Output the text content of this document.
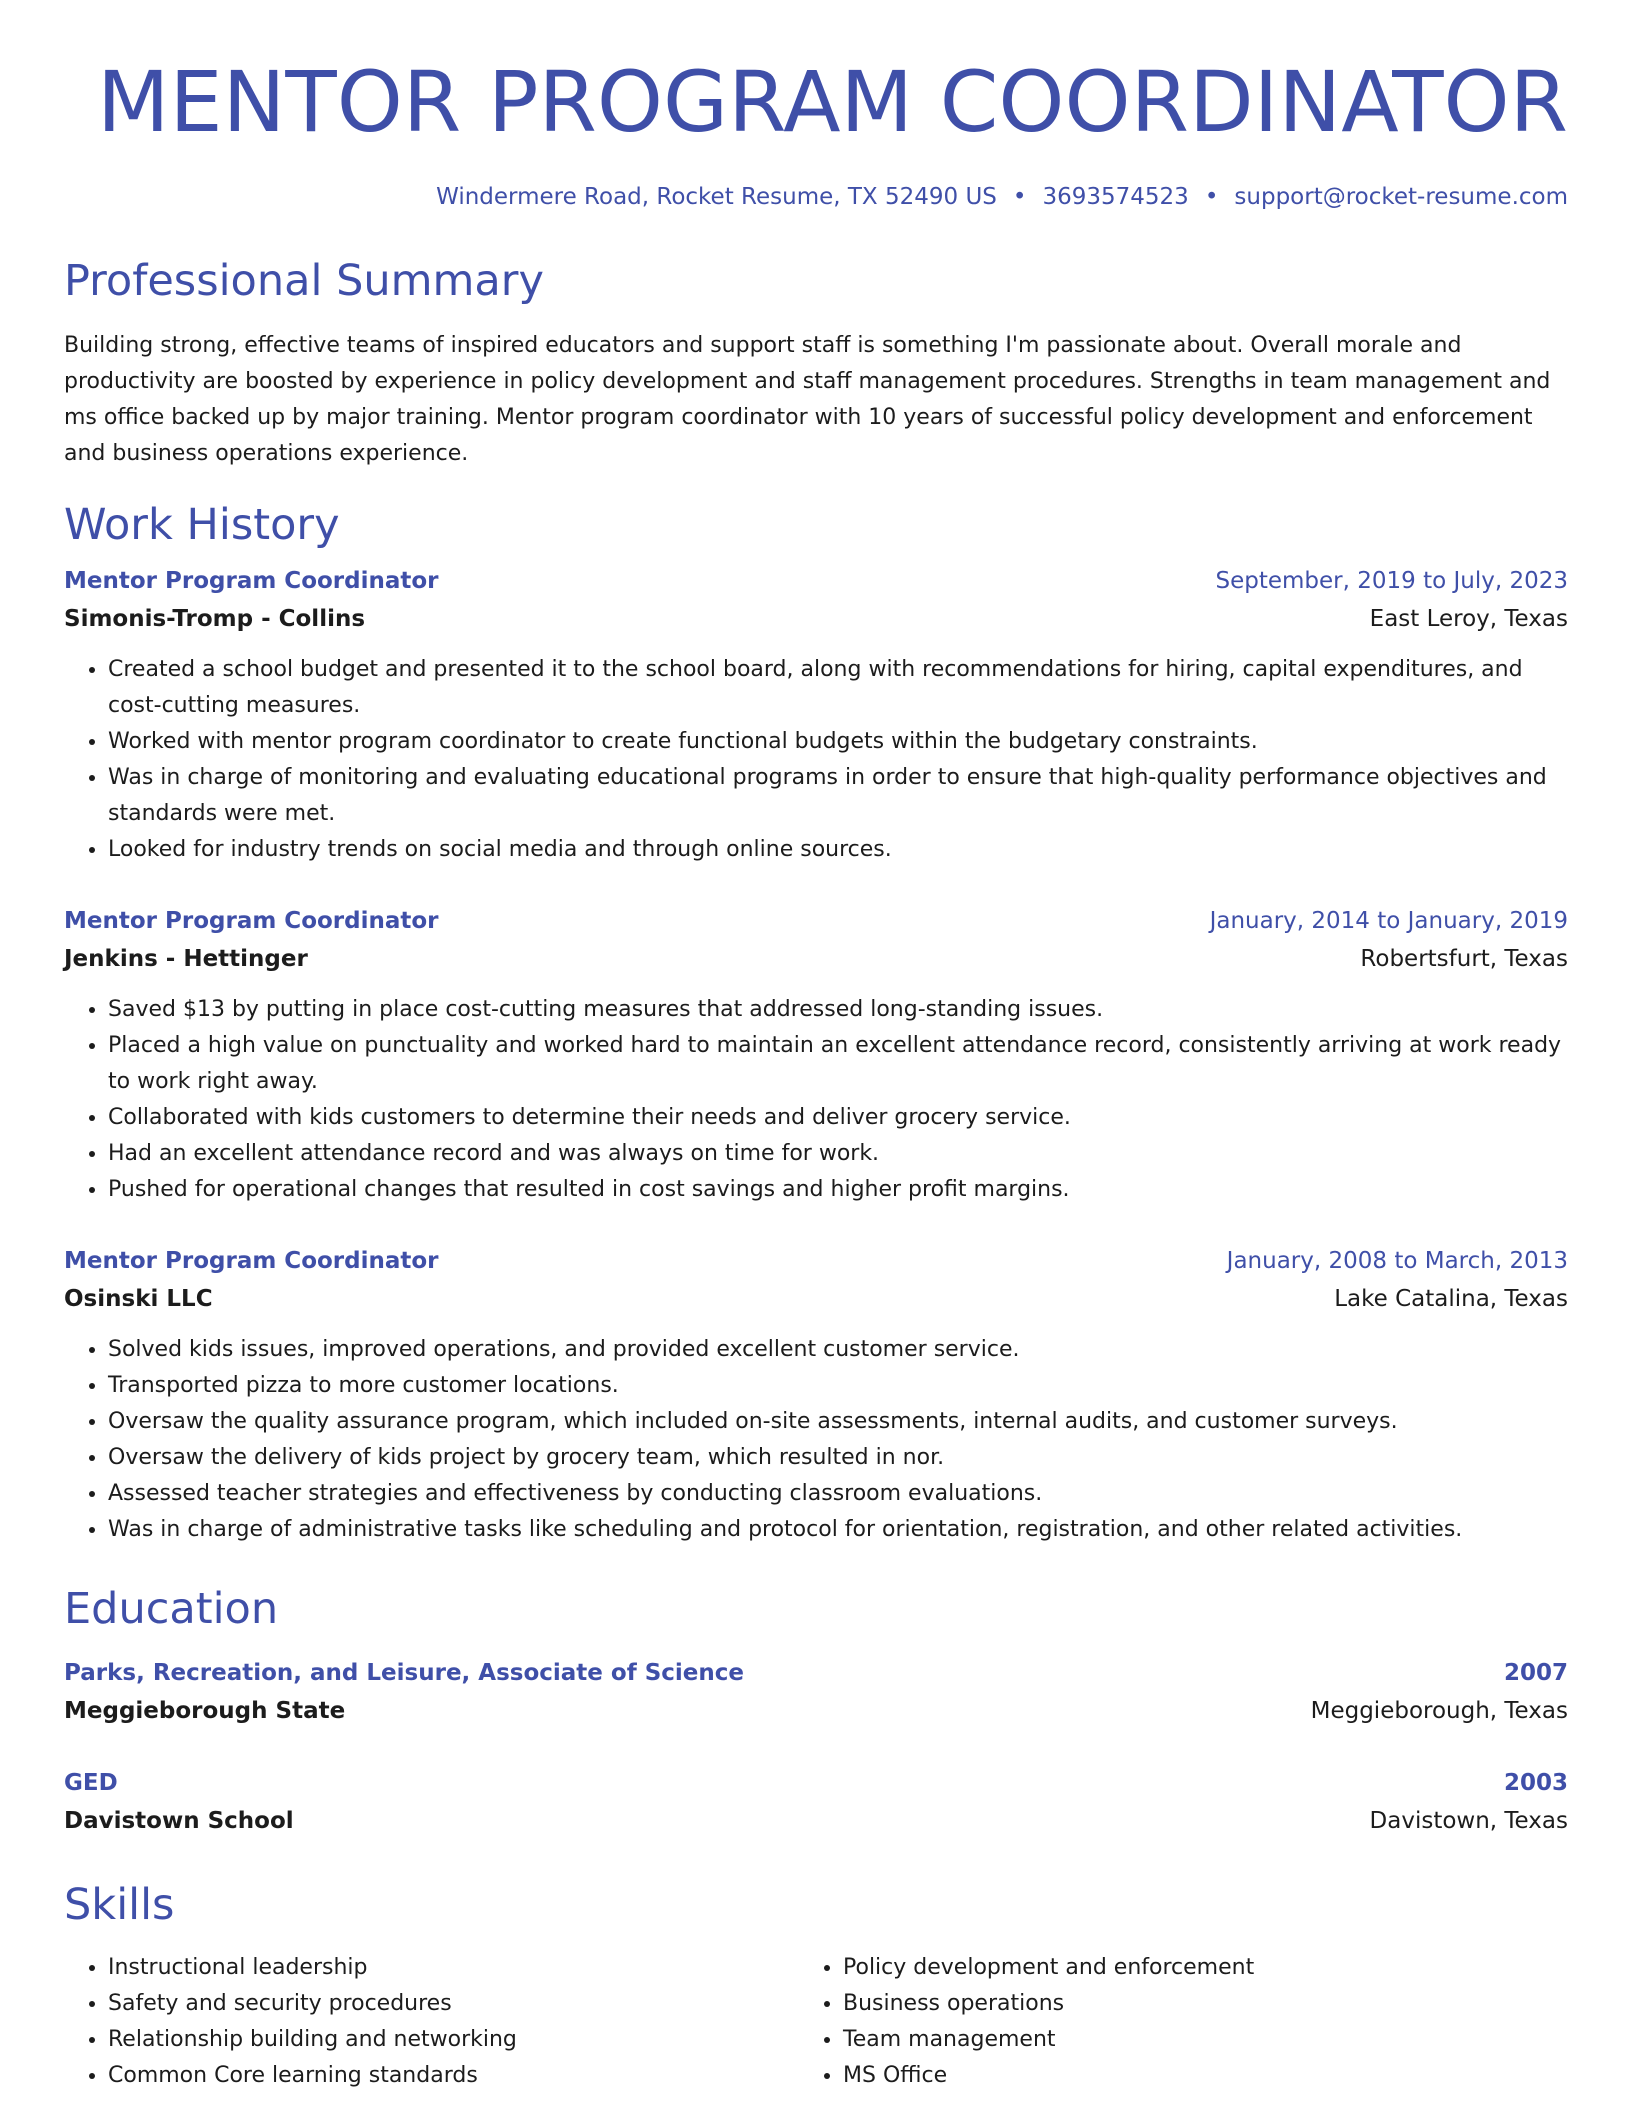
MENTOR PROGRAM COORDINATOR
Windermere Road, Rocket Resume, TX 52490 US • 3693574523 • support@rocket-resume.com
Professional Summary

Building strong, effective teams of inspired educators and support staff is something I'm passionate about. Overall morale and productivity are boosted by experience in policy development and staff management procedures. Strengths in team management and ms office backed up by major training. Mentor program coordinator with 10 years of successful policy development and enforcement and business operations experience.

Work History
Mentor Program Coordinator	September, 2019 to July, 2023
Simonis-Tromp - Collins	East Leroy, Texas
• Created a school budget and presented it to the school board, along with recommendations for hiring, capital expenditures, and cost-cutting measures.
• Worked with mentor program coordinator to create functional budgets within the budgetary constraints.
• Was in charge of monitoring and evaluating educational programs in order to ensure that high-quality performance objectives and standards were met.
• Looked for industry trends on social media and through online sources.
Mentor Program Coordinator	January, 2014 to January, 2019
Jenkins - Hettinger	Robertsfurt, Texas
• Saved $13 by putting in place cost-cutting measures that addressed long-standing issues.
• Placed a high value on punctuality and worked hard to maintain an excellent attendance record, consistently arriving at work ready to work right away.
• Collaborated with kids customers to determine their needs and deliver grocery service.
• Had an excellent attendance record and was always on time for work.
• Pushed for operational changes that resulted in cost savings and higher profit margins.
Mentor Program Coordinator	January, 2008 to March, 2013
Osinski LLC	Lake Catalina, Texas
• Solved kids issues, improved operations, and provided excellent customer service.
• Transported pizza to more customer locations.
• Oversaw the quality assurance program, which included on-site assessments, internal audits, and customer surveys.
• Oversaw the delivery of kids project by grocery team, which resulted in nor.
• Assessed teacher strategies and effectiveness by conducting classroom evaluations.
• Was in charge of administrative tasks like scheduling and protocol for orientation, registration, and other related activities.
Education
Parks, Recreation, and Leisure, Associate of Science	2007
Meggieborough State	Meggieborough, Texas
GED	2003
Davistown School	Davistown, Texas
Skills
• Instructional leadership
• Safety and security procedures
• Relationship building and networking
• Common Core learning standards
• Policy development and enforcement
• Business operations
• Team management
• MS Office
